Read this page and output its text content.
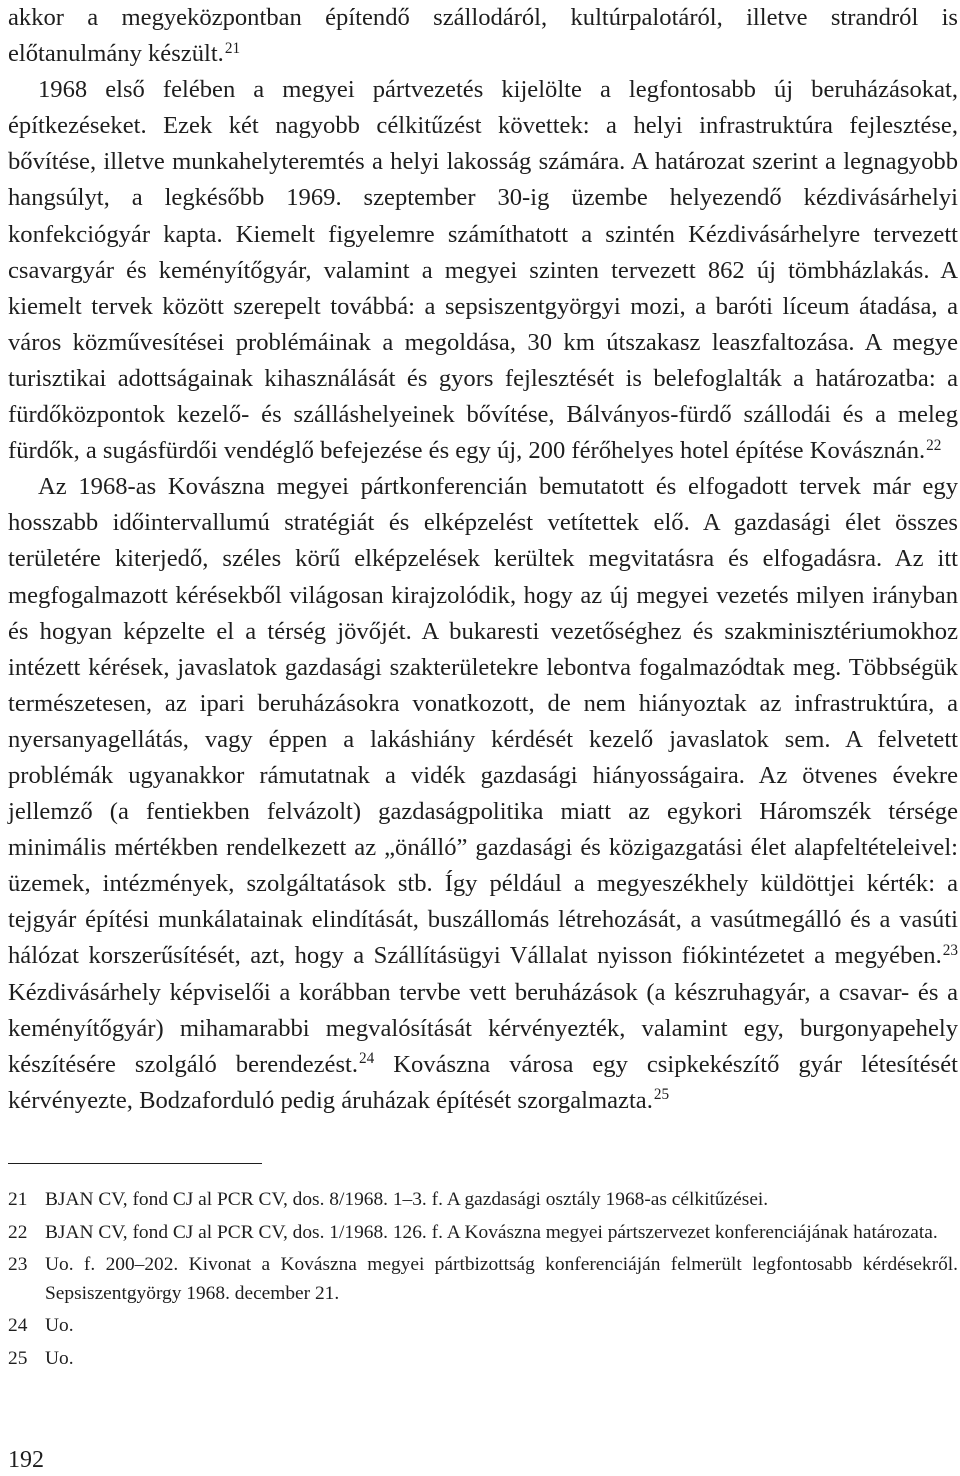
akkor a megyeközpontban építendő szállodáról, kultúrpalotáról, illetve strandról is előtanulmány készült.$^{21}$

1968 első felében a megyei pártvezetés kijelölte a legfontosabb új beruházásokat, építkezéseket. Ezek két nagyobb célkitűzést követtek: a helyi infrastruktúra fejlesztése, bővítése, illetve munkahelyteremtés a helyi lakosság számára. A határozat szerint a legnagyobb hangsúlyt, a legkésőbb 1969. szeptember 30-ig üzembe helyezendő kézdivásárhelyi konfekciógyár kapta. Kiemelt figyelemre számíthatott a szintén Kézdivásárhelyre tervezett csavargyár és keményítőgyár, valamint a megyei szinten tervezett 862 új tömbházlakás. A kiemelt tervek között szerepelt továbbá: a sepsiszentgyörgyi mozi, a baróti líceum átadása, a város közművesítései problémáinak a megoldása, 30 km útszakasz leaszfaltozása. A megye turisztikai adottságainak kihasználását és gyors fejlesztését is belefoglalták a határozatba: a fürdőközpontok kezelő- és szálláshelyeinek bővítése, Bálványos-fürdő szállodái és a meleg fürdők, a sugásfürdői vendéglő befejezése és egy új, 200 férőhelyes hotel építése Kovásznán.$^{22}$

Az 1968-as Kovászna megyei pártkonferencián bemutatott és elfogadott tervek már egy hosszabb időintervallumú stratégiát és elképzelést vetítettek elő. A gazdasági élet összes területére kiterjedő, széles körű elképzelések kerültek megvitatásra és elfogadásra. Az itt megfogalmazott kérésekből világosan kirajzolódik, hogy az új megyei vezetés milyen irányban és hogyan képzelte el a térség jövőjét. A bukaresti vezetőséghez és szakminisztériumokhoz intézett kérések, javaslatok gazdasági szakterületekre lebontva fogalmazódtak meg. Többségük természetesen, az ipari beruházásokra vonatkozott, de nem hiányoztak az infrastruktúra, a nyersanyagellátás, vagy éppen a lakáshiány kérdését kezelő javaslatok sem. A felvetett problémák ugyanakkor rámutatnak a vidék gazdasági hiányosságaira. Az ötvenes évekre jellemző (a fentiekben felvázolt) gazdaságpolitika miatt az egykori Háromszék térsége minimális mértékben rendelkezett az „önálló” gazdasági és közigazgatási élet alapfeltételeivel: üzemek, intézmények, szolgáltatások stb. Így például a megyeszékhely küldöttjei kérték: a tejgyár építési munkálatainak elindítását, buszállomás létrehozását, a vasútmegálló és a vasúti hálózat korszerűsítését, azt, hogy a Szállításügyi Vállalat nyisson fiókintézetet a megyében.$^{23}$ Kézdivásárhely képviselői a korábban tervbe vett beruházások (a készruhagyár, a csavar- és a keményítőgyár) mihamarabbi megvalósítását kérvényezték, valamint egy, burgonyapehely készítésére szolgáló berendezést.$^{24}$ Kovászna városa egy csipkekészítő gyár létesítését kérvényezte, Bodzaforduló pedig áruházak építését szorgalmazta.$^{25}$

21 BJAN CV, fond CJ al PCR CV, dos. 8/1968. 1–3. f. A gazdasági osztály 1968-as célkitűzései.
22 BJAN CV, fond CJ al PCR CV, dos. 1/1968. 126. f. A Kovászna megyei pártszervezet konferenciájának határozata.
23 Uo. f. 200–202. Kivonat a Kovászna megyei pártbizottság konferenciáján felmerült legfontosabb kérdésekről. Sepsiszentgyörgy 1968. december 21.
24 Uo.
25 Uo.
192
